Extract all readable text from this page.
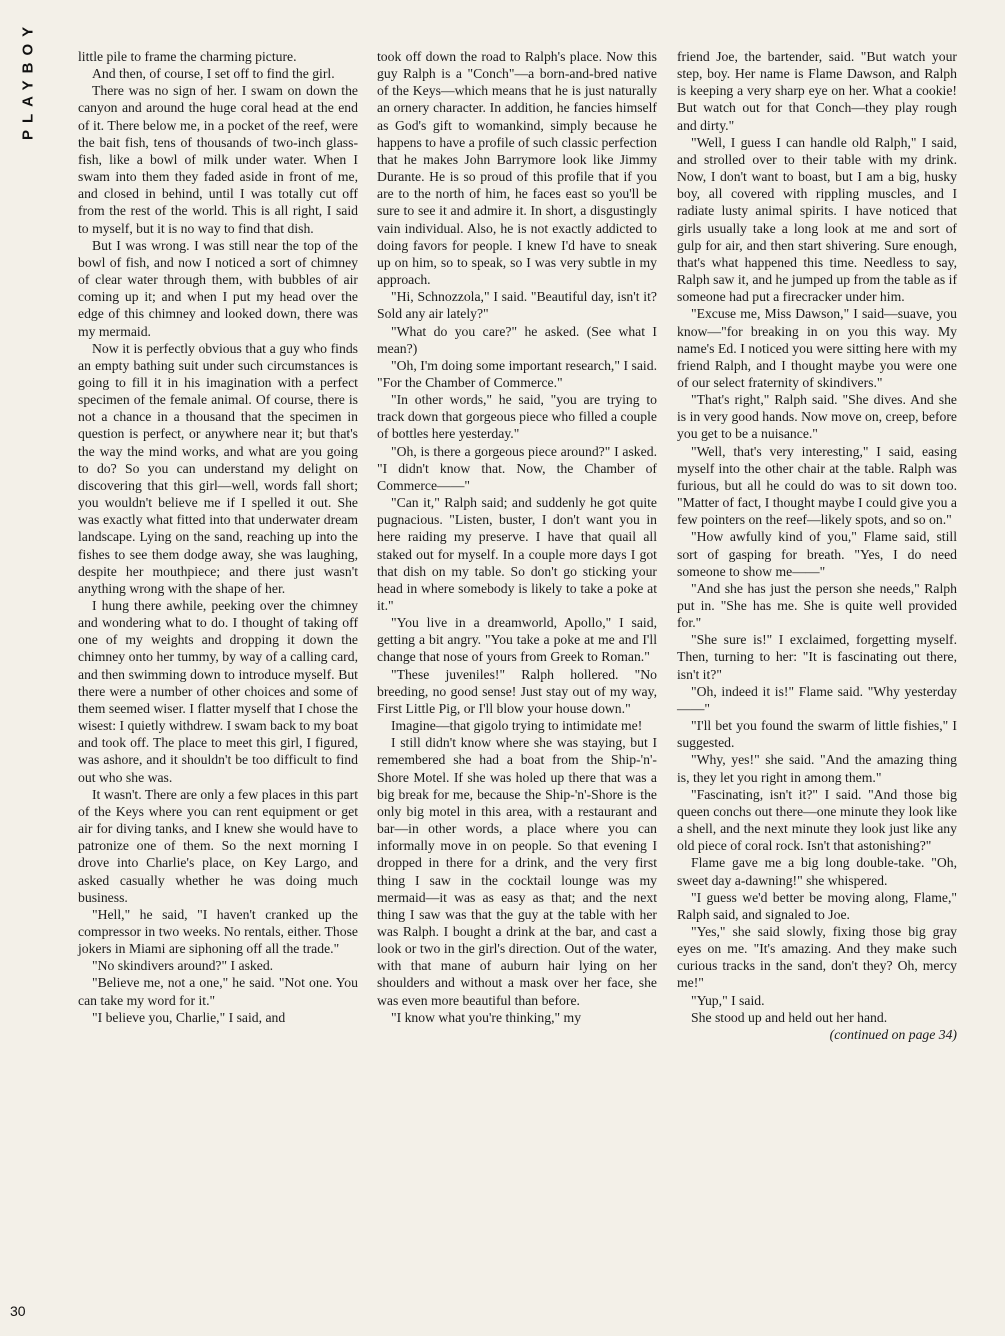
PLAYBOY	little pile to frame the charming picture.

And then, of course, I set off to find the girl.

There was no sign of her. I swam on down the canyon and around the huge coral head at the end of it. There below me, in a pocket of the reef, were the bait fish, tens of thousands of two-inch glass-fish, like a bowl of milk under water. When I swam into them they faded aside in front of me, and closed in behind, until I was totally cut off from the rest of the world. This is all right, I said to myself, but it is no way to find that dish.

But I was wrong. I was still near the top of the bowl of fish, and now I noticed a sort of chimney of clear water through them, with bubbles of air coming up it; and when I put my head over the edge of this chimney and looked down, there was my mermaid.

Now it is perfectly obvious that a guy who finds an empty bathing suit under such circumstances is going to fill it in his imagination with a perfect specimen of the female animal. Of course, there is not a chance in a thousand that the specimen in question is perfect, or anywhere near it; but that's the way the mind works, and what are you going to do? So you can understand my delight on discovering that this girl—well, words fall short; you wouldn't believe me if I spelled it out. She was exactly what fitted into that underwater dream landscape. Lying on the sand, reaching up into the fishes to see them dodge away, she was laughing, despite her mouthpiece; and there just wasn't anything wrong with the shape of her.

I hung there awhile, peeking over the chimney and wondering what to do. I thought of taking off one of my weights and dropping it down the chimney onto her tummy, by way of a calling card, and then swimming down to introduce myself. But there were a number of other choices and some of them seemed wiser. I flatter myself that I chose the wisest: I quietly withdrew. I swam back to my boat and took off. The place to meet this girl, I figured, was ashore, and it shouldn't be too difficult to find out who she was.

It wasn't. There are only a few places in this part of the Keys where you can rent equipment or get air for diving tanks, and I knew she would have to patronize one of them. So the next morning I drove into Charlie's place, on Key Largo, and asked casually whether he was doing much business.

"Hell," he said, "I haven't cranked up the compressor in two weeks. No rentals, either. Those jokers in Miami are siphoning off all the trade."

"No skindivers around?" I asked.

"Believe me, not a one," he said. "Not one. You can take my word for it."

"I believe you, Charlie," I said, and

took off down the road to Ralph's place. Now this guy Ralph is a "Conch"—a born-and-bred native of the Keys—which means that he is just naturally an ornery character. In addition, he fancies himself as God's gift to womankind, simply because he happens to have a profile of such classic perfection that he makes John Barrymore look like Jimmy Durante. He is so proud of this profile that if you are to the north of him, he faces east so you'll be sure to see it and admire it. In short, a disgustingly vain individual. Also, he is not exactly addicted to doing favors for people. I knew I'd have to sneak up on him, so to speak, so I was very subtle in my approach.

"Hi, Schnozzola," I said. "Beautiful day, isn't it? Sold any air lately?"

"What do you care?" he asked. (See what I mean?)

"Oh, I'm doing some important research," I said. "For the Chamber of Commerce."

"In other words," he said, "you are trying to track down that gorgeous piece who filled a couple of bottles here yesterday."

"Oh, is there a gorgeous piece around?" I asked. "I didn't know that. Now, the Chamber of Commerce——"

"Can it," Ralph said; and suddenly he got quite pugnacious. "Listen, buster, I don't want you in here raiding my preserve. I have that quail all staked out for myself. In a couple more days I got that dish on my table. So don't go sticking your head in where somebody is likely to take a poke at it."

"You live in a dreamworld, Apollo," I said, getting a bit angry. "You take a poke at me and I'll change that nose of yours from Greek to Roman."

"These juveniles!" Ralph hollered. "No breeding, no good sense! Just stay out of my way, First Little Pig, or I'll blow your house down."

Imagine—that gigolo trying to intimidate me!

I still didn't know where she was staying, but I remembered she had a boat from the Ship-'n'-Shore Motel. If she was holed up there that was a big break for me, because the Ship-'n'-Shore is the only big motel in this area, with a restaurant and bar—in other words, a place where you can informally move in on people. So that evening I dropped in there for a drink, and the very first thing I saw in the cocktail lounge was my mermaid—it was as easy as that; and the next thing I saw was that the guy at the table with her was Ralph. I bought a drink at the bar, and cast a look or two in the girl's direction. Out of the water, with that mane of auburn hair lying on her shoulders and without a mask over her face, she was even more beautiful than before.

"I know what you're thinking," my

friend Joe, the bartender, said. "But watch your step, boy. Her name is Flame Dawson, and Ralph is keeping a very sharp eye on her. What a cookie! But watch out for that Conch—they play rough and dirty."

"Well, I guess I can handle old Ralph," I said, and strolled over to their table with my drink. Now, I don't want to boast, but I am a big, husky boy, all covered with rippling muscles, and I radiate lusty animal spirits. I have noticed that girls usually take a long look at me and sort of gulp for air, and then start shivering. Sure enough, that's what happened this time. Needless to say, Ralph saw it, and he jumped up from the table as if someone had put a firecracker under him.

"Excuse me, Miss Dawson," I said—suave, you know—"for breaking in on you this way. My name's Ed. I noticed you were sitting here with my friend Ralph, and I thought maybe you were one of our select fraternity of skindivers."

"That's right," Ralph said. "She dives. And she is in very good hands. Now move on, creep, before you get to be a nuisance."

"Well, that's very interesting," I said, easing myself into the other chair at the table. Ralph was furious, but all he could do was to sit down too. "Matter of fact, I thought maybe I could give you a few pointers on the reef—likely spots, and so on."

"How awfully kind of you," Flame said, still sort of gasping for breath. "Yes, I do need someone to show me——"

"And she has just the person she needs," Ralph put in. "She has me. She is quite well provided for."

"She sure is!" I exclaimed, forgetting myself. Then, turning to her: "It is fascinating out there, isn't it?"

"Oh, indeed it is!" Flame said. "Why yesterday——"

"I'll bet you found the swarm of little fishies," I suggested.

"Why, yes!" she said. "And the amazing thing is, they let you right in among them."

"Fascinating, isn't it?" I said. "And those big queen conchs out there—one minute they look like a shell, and the next minute they look just like any old piece of coral rock. Isn't that astonishing?"

Flame gave me a big long double-take. "Oh, sweet day a-dawning!" she whispered.

"I guess we'd better be moving along, Flame," Ralph said, and signaled to Joe.

"Yes," she said slowly, fixing those big gray eyes on me. "It's amazing. And they make such curious tracks in the sand, don't they? Oh, mercy me!"

"Yup," I said.

She stood up and held out her hand.

(continued on page 34)

30
